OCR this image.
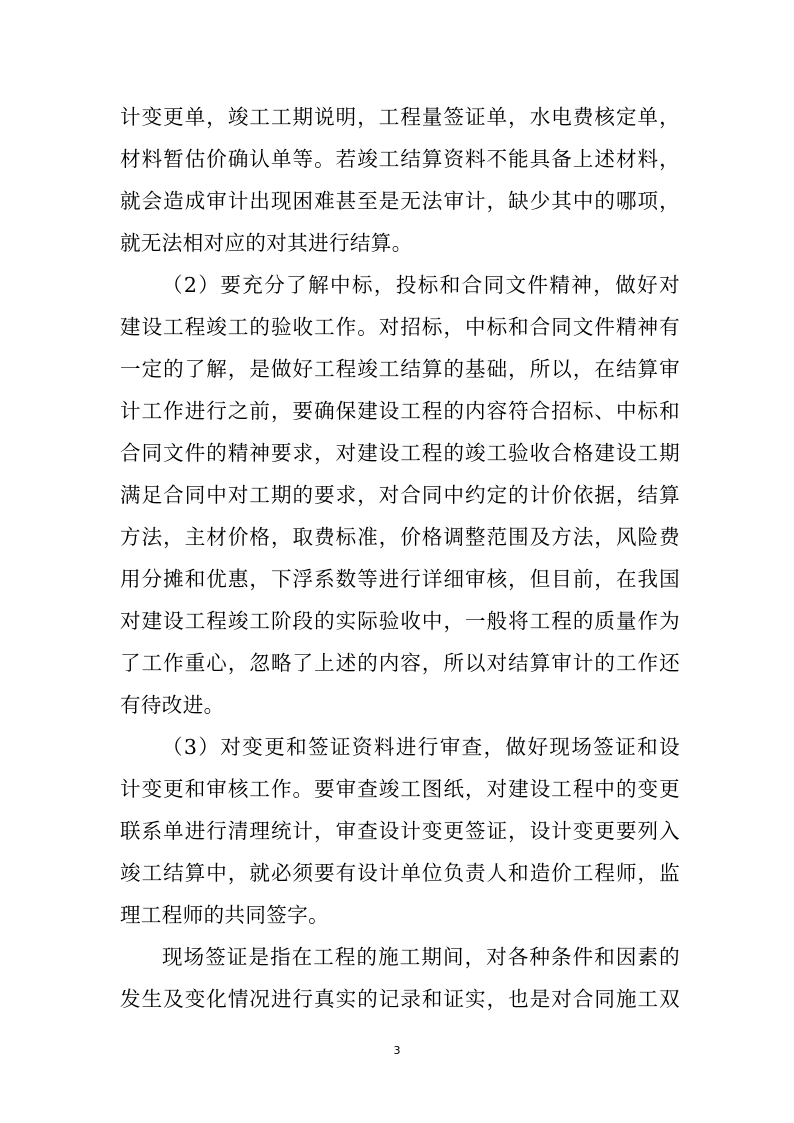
计变更单，竣工工期说明，工程量签证单，水电费核定单，
材料暂估价确认单等。若竣工结算资料不能具备上述材料，
就会造成审计出现困难甚至是无法审计，缺少其中的哪项，
就无法相对应的对其进行结算。
（2）要充分了解中标，投标和合同文件精神，做好对
建设工程竣工的验收工作。对招标，中标和合同文件精神有
一定的了解，是做好工程竣工结算的基础，所以，在结算审
计工作进行之前，要确保建设工程的内容符合招标、中标和
合同文件的精神要求，对建设工程的竣工验收合格建设工期
满足合同中对工期的要求，对合同中约定的计价依据，结算
方法，主材价格，取费标准，价格调整范围及方法，风险费
用分摊和优惠，下浮系数等进行详细审核，但目前，在我国
对建设工程竣工阶段的实际验收中，一般将工程的质量作为
了工作重心，忽略了上述的内容，所以对结算审计的工作还
有待改进。
（3）对变更和签证资料进行审查，做好现场签证和设
计变更和审核工作。要审查竣工图纸，对建设工程中的变更
联系单进行清理统计，审查设计变更签证，设计变更要列入
竣工结算中，就必须要有设计单位负责人和造价工程师，监
理工程师的共同签字。
现场签证是指在工程的施工期间，对各种条件和因素的
发生及变化情况进行真实的记录和证实，也是对合同施工双
3
